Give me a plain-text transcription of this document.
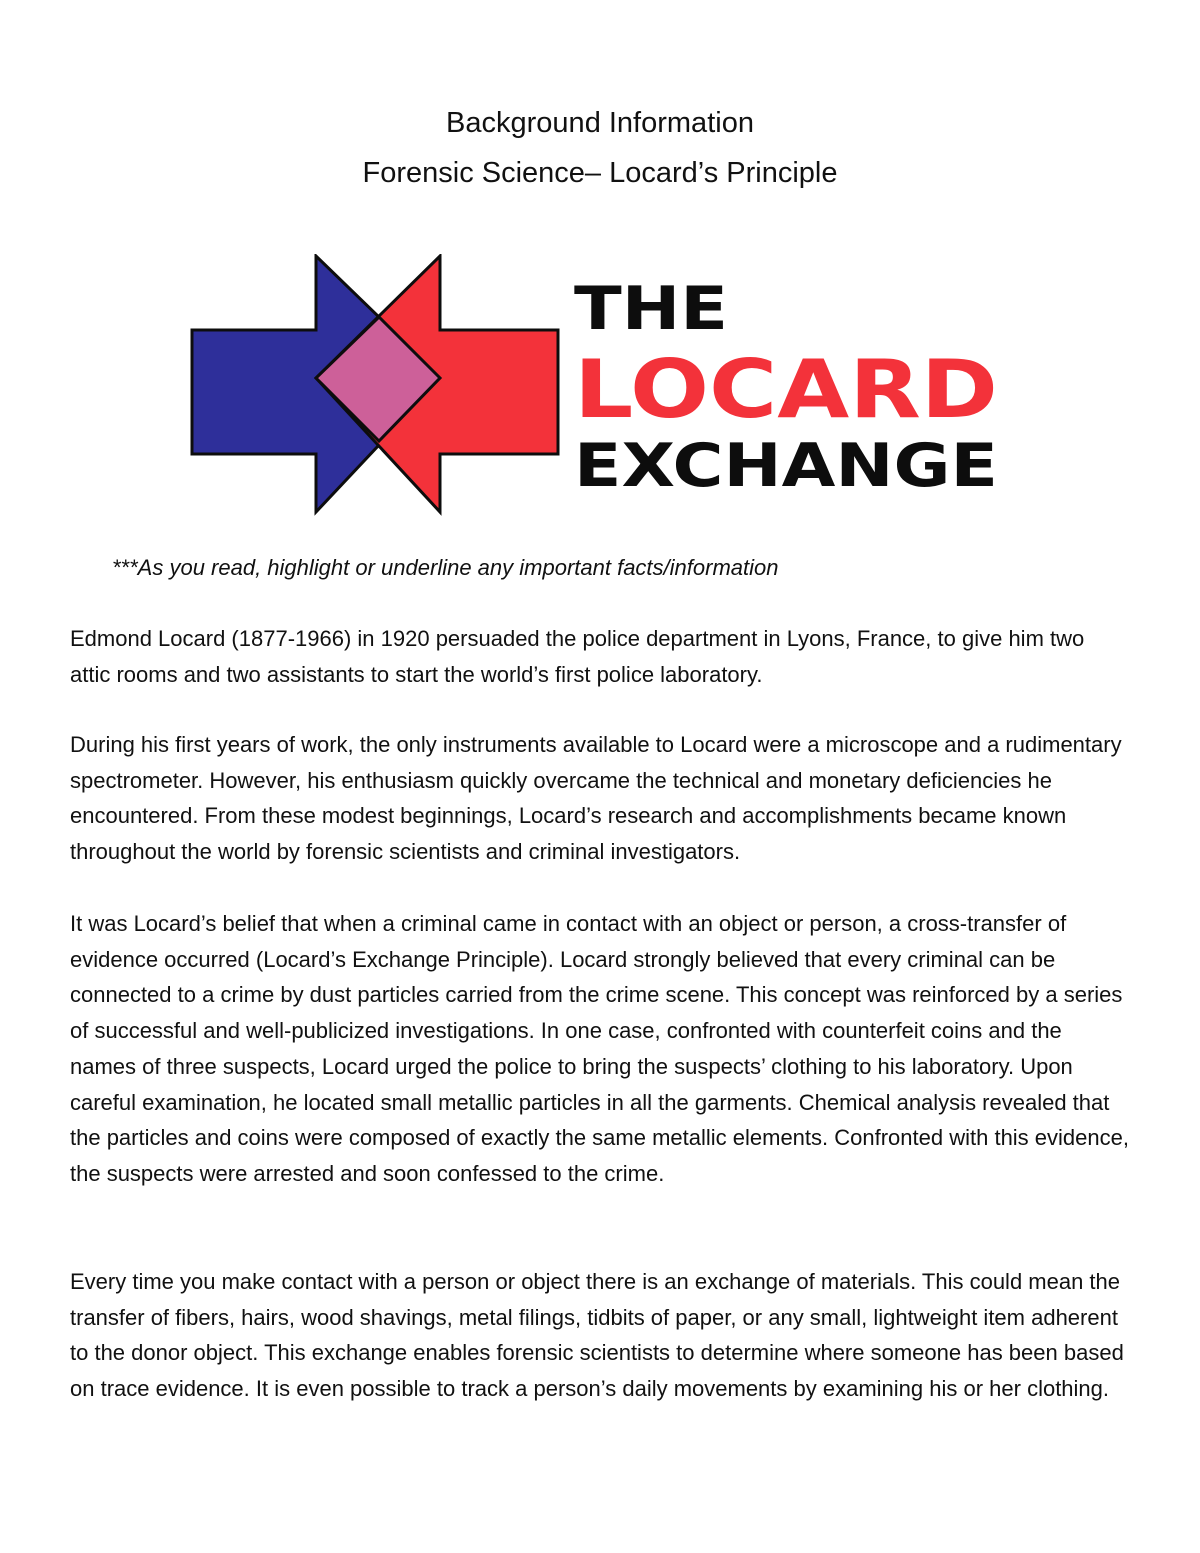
Background Information
Forensic Science– Locard’s Principle
THE
LOCARD
EXCHANGE
***As you read, highlight or underline any important facts/information

Edmond Locard (1877-1966) in 1920 persuaded the police department in Lyons, France, to give him two attic rooms and two assistants to start the world’s first police laboratory.

During his first years of work, the only instruments available to Locard were a microscope and a rudimentary spectrometer. However, his enthusiasm quickly overcame the technical and monetary deficiencies he encountered. From these modest beginnings, Locard’s research and accomplishments became known throughout the world by forensic scientists and criminal investigators.

It was Locard’s belief that when a criminal came in contact with an object or person, a cross-transfer of evidence occurred (Locard’s Exchange Principle). Locard strongly believed that every criminal can be connected to a crime by dust particles carried from the crime scene. This concept was reinforced by a series of successful and well-publicized investigations. In one case, confronted with counterfeit coins and the names of three suspects, Locard urged the police to bring the suspects’ clothing to his laboratory. Upon careful examination, he located small metallic particles in all the garments. Chemical analysis revealed that the particles and coins were composed of exactly the same metallic elements. Confronted with this evidence, the suspects were arrested and soon confessed to the crime.

Every time you make contact with a person or object there is an exchange of materials. This could mean the transfer of fibers, hairs, wood shavings, metal filings, tidbits of paper, or any small, lightweight item adherent to the donor object. This exchange enables forensic scientists to determine where someone has been based on trace evidence. It is even possible to track a person’s daily movements by examining his or her clothing.
